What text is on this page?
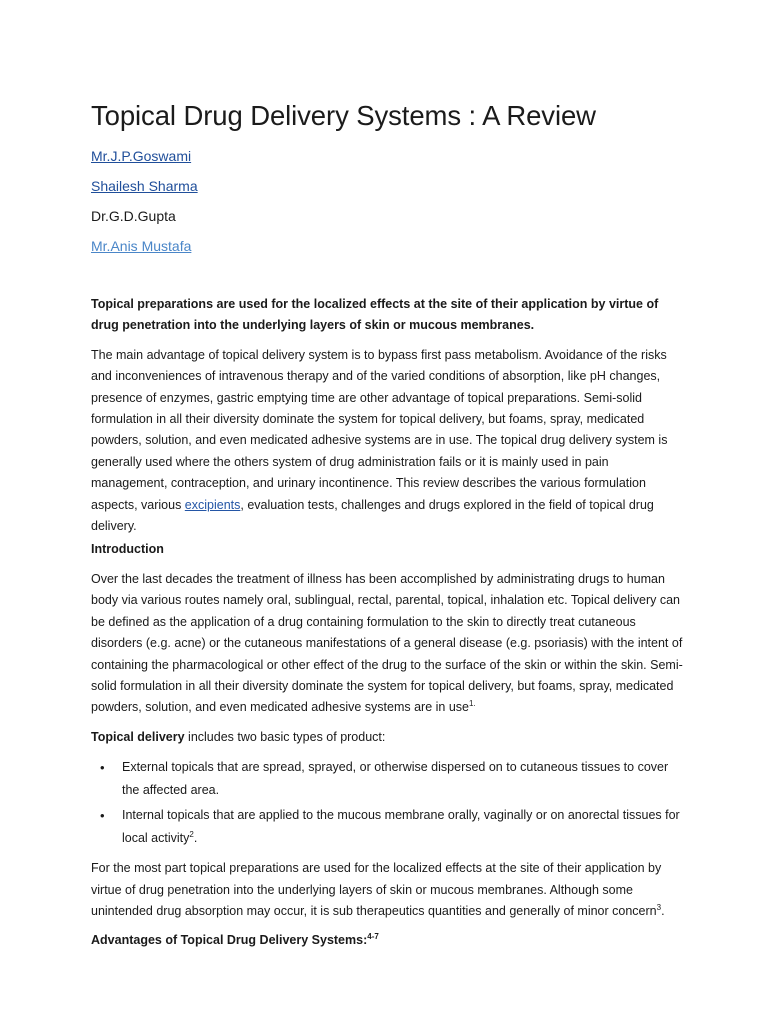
Topical Drug Delivery Systems : A Review
Mr.J.P.Goswami
Shailesh Sharma
Dr.G.D.Gupta
Mr.Anis Mustafa

Topical preparations are used for the localized effects at the site of their application by virtue of drug penetration into the underlying layers of skin or mucous membranes.

The main advantage of topical delivery system is to bypass first pass metabolism. Avoidance of the risks and inconveniences of intravenous therapy and of the varied conditions of absorption, like pH changes, presence of enzymes, gastric emptying time are other advantage of topical preparations. Semi-solid formulation in all their diversity dominate the system for topical delivery, but foams, spray, medicated powders, solution, and even medicated adhesive systems are in use. The topical drug delivery system is generally used where the others system of drug administration fails or it is mainly used in pain management, contraception, and urinary incontinence. This review describes the various formulation aspects, various excipients, evaluation tests, challenges and drugs explored in the field of topical drug delivery.

Introduction

Over the last decades the treatment of illness has been accomplished by administrating drugs to human body via various routes namely oral, sublingual, rectal, parental, topical, inhalation etc. Topical delivery can be defined as the application of a drug containing formulation to the skin to directly treat cutaneous disorders (e.g. acne) or the cutaneous manifestations of a general disease (e.g. psoriasis) with the intent of containing the pharmacological or other effect of the drug to the surface of the skin or within the skin. Semi-solid formulation in all their diversity dominate the system for topical delivery, but foams, spray, medicated powders, solution, and even medicated adhesive systems are in use$^{1.}$

Topical delivery includes two basic types of product:

• External topicals that are spread, sprayed, or otherwise dispersed on to cutaneous tissues to cover the affected area.
• Internal topicals that are applied to the mucous membrane orally, vaginally or on anorectal tissues for local activity$^2$.

For the most part topical preparations are used for the localized effects at the site of their application by virtue of drug penetration into the underlying layers of skin or mucous membranes. Although some unintended drug absorption may occur, it is sub therapeutics quantities and generally of minor concern$^3$.

Advantages of Topical Drug Delivery Systems:$^{4-7}$
